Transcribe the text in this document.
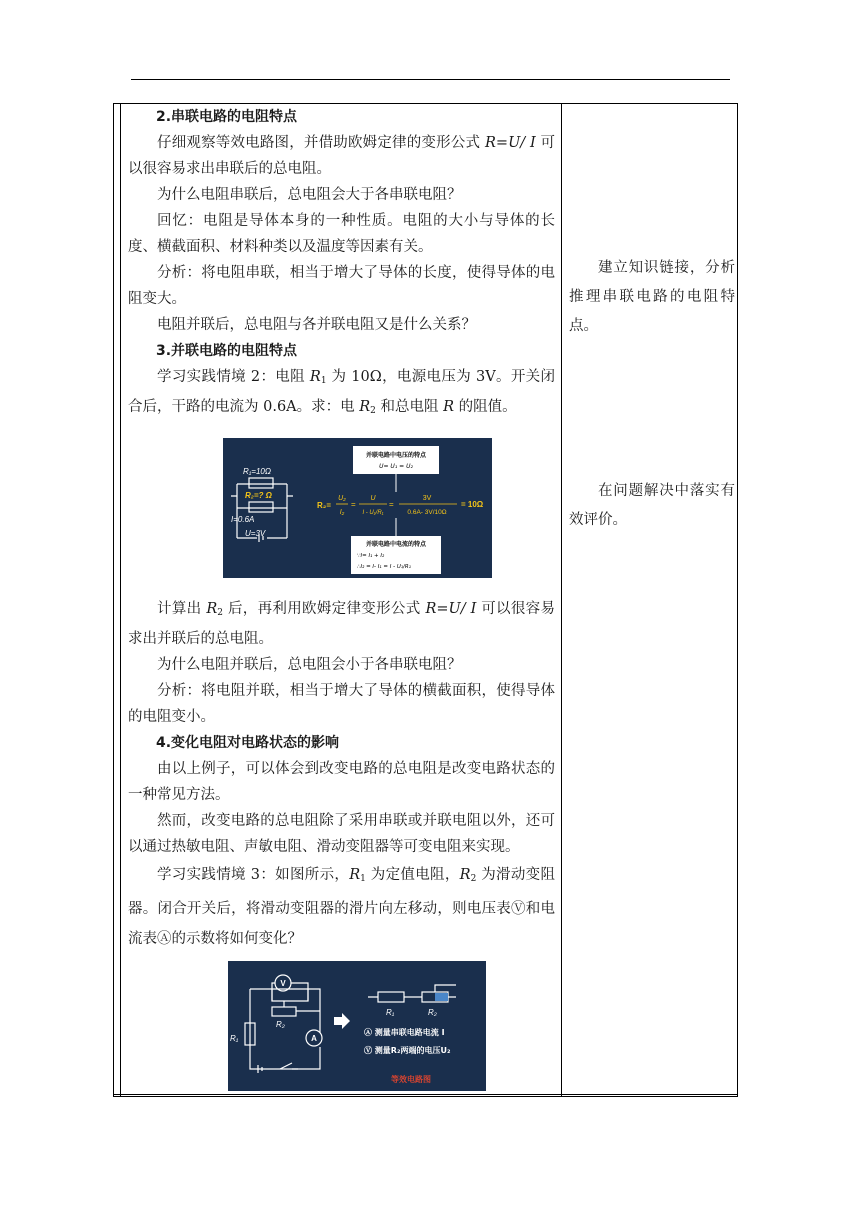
2.串联电路的电阻特点
仔细观察等效电路图，并借助欧姆定律的变形公式 R=U/ I 可以很容易求出串联后的总电阻。
为什么电阻串联后，总电阻会大于各串联电阻？
回忆：电阻是导体本身的一种性质。电阻的大小与导体的长度、横截面积、材料种类以及温度等因素有关。
分析：将电阻串联，相当于增大了导体的长度，使得导体的电阻变大。
电阻并联后，总电阻与各并联电阻又是什么关系？
3.并联电路的电阻特点
学习实践情境 2：电阻 $R_1$ 为 10Ω，电源电压为 3V。开关闭合后，干路的电流为 0.6A。求：电 $R_2$ 和总电阻 R 的阻值。
计算出 $R_2$ 后，再利用欧姆定律变形公式 R=U/ I 可以很容易求出并联后的总电阻。
为什么电阻并联后，总电阻会小于各串联电阻？
分析：将电阻并联，相当于增大了导体的横截面积，使得导体的电阻变小。
4.变化电阻对电路状态的影响
由以上例子，可以体会到改变电路的总电阻是改变电路状态的一种常见方法。
然而，改变电路的总电阻除了采用串联或并联电阻以外，还可以通过热敏电阻、声敏电阻、滑动变阻器等可变电阻来实现。
学习实践情境 3：如图所示，$R_1$ 为定值电阻，$R_2$ 为滑动变阻器。闭合开关后，将滑动变阻器的滑片向左移动，则电压表Ⓥ和电流表Ⓐ的示数将如何变化？
建立知识链接，分析推理串联电路的电阻特点。
在问题解决中落实有效评价。
R₁=10Ω
R₂=? Ω
I=0.6A
U=3V
并联电路中电压的特点
U= U₁ = U₂
R₂=
U₂
I₂
=
U
I - U₁/R₁
=
3V
0.6A- 3V/10Ω
= 10Ω
并联电路中电流的特点
∵I= I₁ + I₂
∴I₂ = I- I₁ = I - U₁/R₁
V
A
R₁
R₂
R₁	R₂
Ⓐ 测量串联电路电流 I
Ⓥ 测量R₂两端的电压U₂
等效电路图
